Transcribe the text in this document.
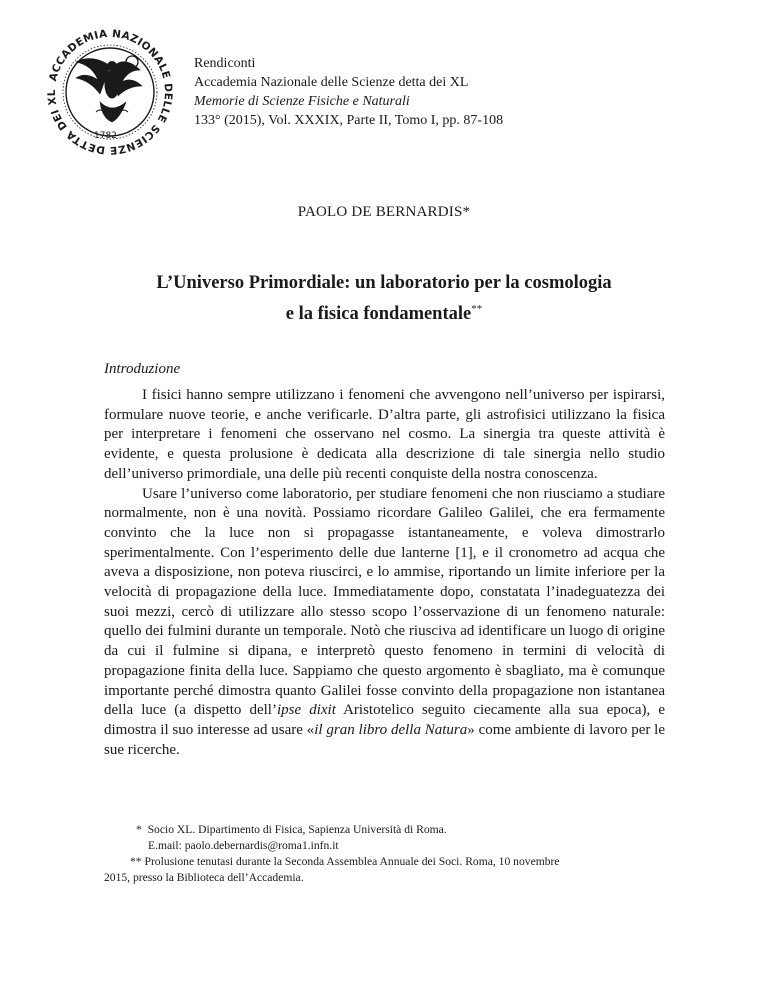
ACCADEMIA NAZIONALE DELLE SCIENZE DETTA DEI XL
1782
Rendiconti
Accademia Nazionale delle Scienze detta dei XL
Memorie di Scienze Fisiche e Naturali
133° (2015), Vol. XXXIX, Parte II, Tomo I, pp. 87-108
PAOLO DE BERNARDIS*
L’Universo Primordiale: un laboratorio per la cosmologia
e la fisica fondamentale**
Introduzione

I fisici hanno sempre utilizzano i fenomeni che avvengono nell’universo per ispirarsi, formulare nuove teorie, e anche verificarle. D’altra parte, gli astrofisici utilizzano la fisica per interpretare i fenomeni che osservano nel cosmo. La sinergia tra queste attività è evidente, e questa prolusione è dedicata alla descrizione di tale sinergia nello studio dell’universo primordiale, una delle più recenti conquiste della nostra conoscenza.

Usare l’universo come laboratorio, per studiare fenomeni che non riusciamo a studiare normalmente, non è una novità. Possiamo ricordare Galileo Galilei, che era fermamente convinto che la luce non si propagasse istantaneamente, e voleva dimostrarlo sperimentalmente. Con l’esperimento delle due lanterne [1], e il cronometro ad acqua che aveva a disposizione, non poteva riuscirci, e lo ammise, riportando un limite inferiore per la velocità di propagazione della luce. Immediatamente dopo, constatata l’inadeguatezza dei suoi mezzi, cercò di utilizzare allo stesso scopo l’osservazione di un fenomeno naturale: quello dei fulmini durante un temporale. Notò che riusciva ad identificare un luogo di origine da cui il fulmine si dipana, e interpretò questo fenomeno in termini di velocità di propagazione finita della luce. Sappiamo che questo argomento è sbagliato, ma è comunque importante perché dimostra quanto Galilei fosse convinto della propagazione non istantanea della luce (a dispetto dell’ipse dixit Aristotelico seguito ciecamente alla sua epoca), e dimostra il suo interesse ad usare «il gran libro della Natura» come ambiente di lavoro per le sue ricerche.

* Socio XL. Dipartimento di Fisica, Sapienza Università di Roma.
E.mail: paolo.debernardis@roma1.infn.it
** Prolusione tenutasi durante la Seconda Assemblea Annuale dei Soci. Roma, 10 novembre
2015, presso la Biblioteca dell’Accademia.
